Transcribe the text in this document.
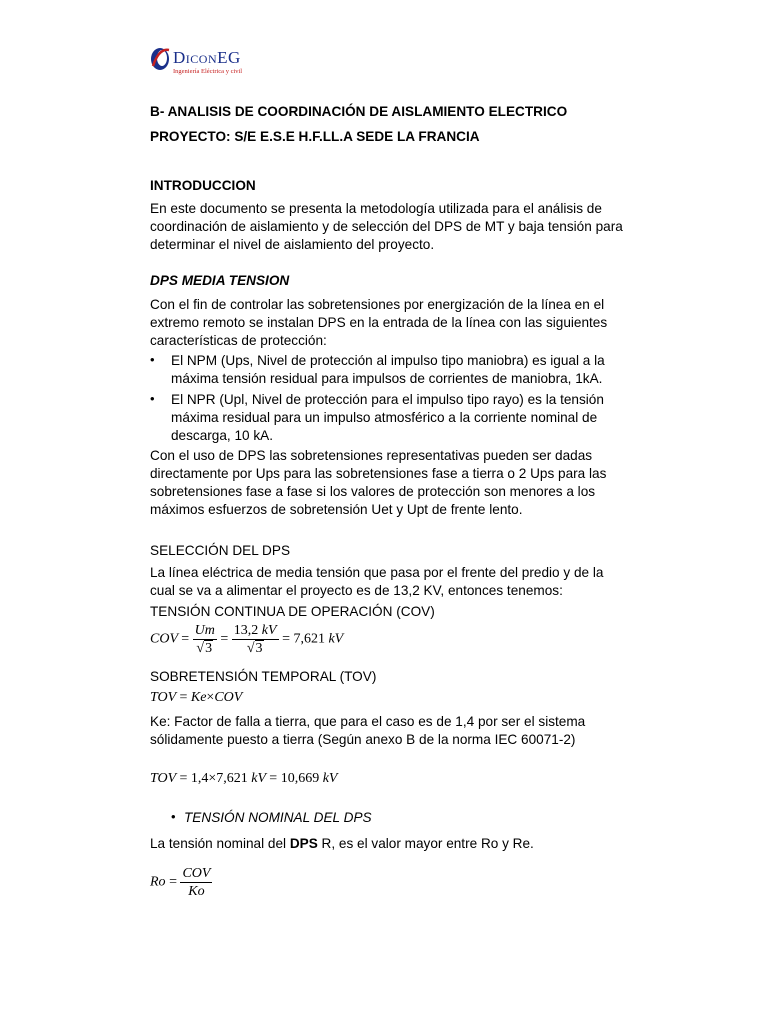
DICONEG
Ingeniería Eléctrica y civil
B- ANALISIS DE COORDINACIÓN DE AISLAMIENTO ELECTRICO
PROYECTO: S/E E.S.E H.F.LL.A SEDE LA FRANCIA
INTRODUCCION
En este documento se presenta la metodología utilizada para el análisis de
coordinación de aislamiento y de selección del DPS de MT y baja tensión para
determinar el nivel de aislamiento del proyecto.
DPS MEDIA TENSION
Con el fin de controlar las sobretensiones por energización de la línea en el
extremo remoto se instalan DPS en la entrada de la línea con las siguientes
características de protección:
•	El NPM (Ups, Nivel de protección al impulso tipo maniobra) es igual a la
máxima tensión residual para impulsos de corrientes de maniobra, 1kA.
•	El NPR (Upl, Nivel de protección para el impulso tipo rayo) es la tensión
máxima residual para un impulso atmosférico a la corriente nominal de
descarga, 10 kA.
Con el uso de DPS las sobretensiones representativas pueden ser dadas
directamente por Ups para las sobretensiones fase a tierra o 2 Ups para las
sobretensiones fase a fase si los valores de protección son menores a los
máximos esfuerzos de sobretensión Uet y Upt de frente lento.
SELECCIÓN DEL DPS
La línea eléctrica de media tensión que pasa por el frente del predio y de la
cual se va a alimentar el proyecto es de 13,2 KV, entonces tenemos:
TENSIÓN CONTINUA DE OPERACIÓN (COV)
COV = $\frac{Um}{√3} = \frac{13,2 kV}{√3} = 7,621$ kV
SOBRETENSIÓN TEMPORAL (TOV)
TOV = Ke×COV
Ke: Factor de falla a tierra, que para el caso es de 1,4 por ser el sistema
sólidamente puesto a tierra (Según anexo B de la norma IEC 60071-2)
TOV = 1,4×7,621 kV = 10,669 kV
• TENSIÓN NOMINAL DEL DPS
La tensión nominal del DPS R, es el valor mayor entre Ro y Re.
$Ro = \frac{\text{COV}}{Ko}$
